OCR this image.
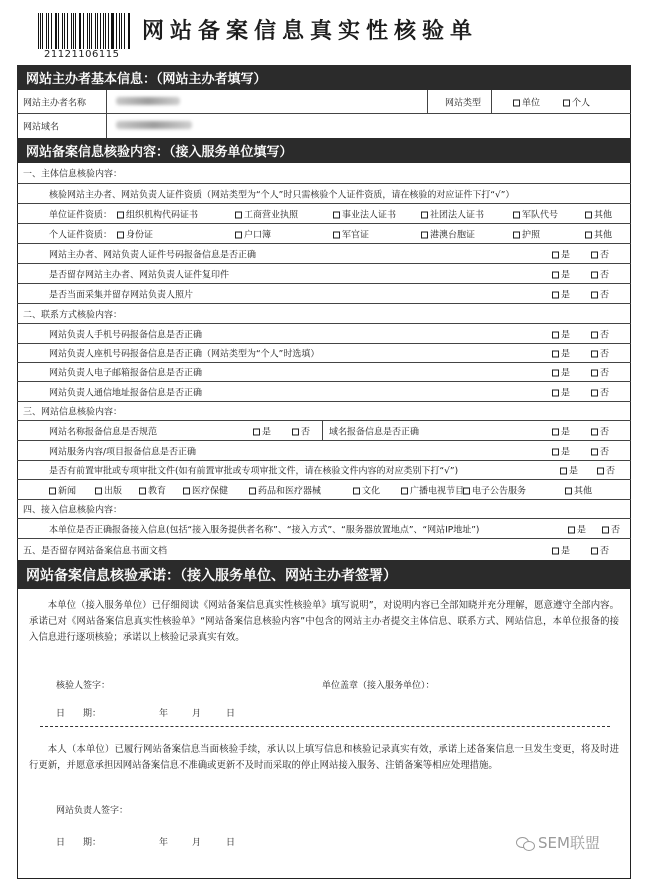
21121106115
网站备案信息真实性核验单
网站主办者基本信息：（网站主办者填写）
网站主办者名称	网站类型	单位	个人
网站域名
网站备案信息核验内容：（接入服务单位填写）
一、主体信息核验内容：
核验网站主办者、网站负责人证件资质（网站类型为“个人”时只需核验个人证件资质，请在核验的对应证件下打“√”）
单位证件资质：	组织机构代码证书	工商营业执照	事业法人证书	社团法人证书	军队代号	其他
个人证件资质：	身份证	户口簿	军官证	港澳台胞证	护照	其他
网站主办者、网站负责人证件号码报备信息是否正确	是	否
是否留存网站主办者、网站负责人证件复印件	是	否
是否当面采集并留存网站负责人照片	是	否
二、联系方式核验内容：
网站负责人手机号码报备信息是否正确	是	否
网站负责人座机号码报备信息是否正确（网站类型为“个人”时选填）	是	否
网站负责人电子邮箱报备信息是否正确	是	否
网站负责人通信地址报备信息是否正确	是	否
三、网站信息核验内容：
网站名称报备信息是否规范	是	否 域名报备信息是否正确	是	否
网站服务内容/项目报备信息是否正确	是	否
是否有前置审批或专项审批文件(如有前置审批或专项审批文件，请在核验文件内容的对应类别下打“√”)	是	否
新闻	出版	教育	医疗保健	药品和医疗器械	文化	广播电视节目 电子公告服务	其他
四、接入信息核验内容：
本单位是否正确报备接入信息(包括“接入服务提供者名称”、“接入方式”、“服务器放置地点”、“网站IP地址”)	是	否
五、是否留存网站备案信息书面文档	是	否
网站备案信息核验承诺：（接入服务单位、网站主办者签署）
本单位（接入服务单位）已仔细阅读《网站备案信息真实性核验单》填写说明”，对说明内容已全部知晓并充分理解，愿意遵守全部内容。承诺已对《网站备案信息真实性核验单》“网站备案信息核验内容”中包含的网站主办者提交主体信息、联系方式、网站信息，本单位报备的接入信息进行逐项核验；承诺以上核验记录真实有效。
核验人签字：	单位盖章（接入服务单位）：
日　　期：	年	月	日
本人（本单位）已履行网站备案信息当面核验手续，承认以上填写信息和核验记录真实有效，承诺上述备案信息一旦发生变更，将及时进行更新，并愿意承担因网站备案信息不准确或更新不及时而采取的停止网站接入服务、注销备案等相应处理措施。
网站负责人签字：
日　　期：	年	月	日	SEM联盟
